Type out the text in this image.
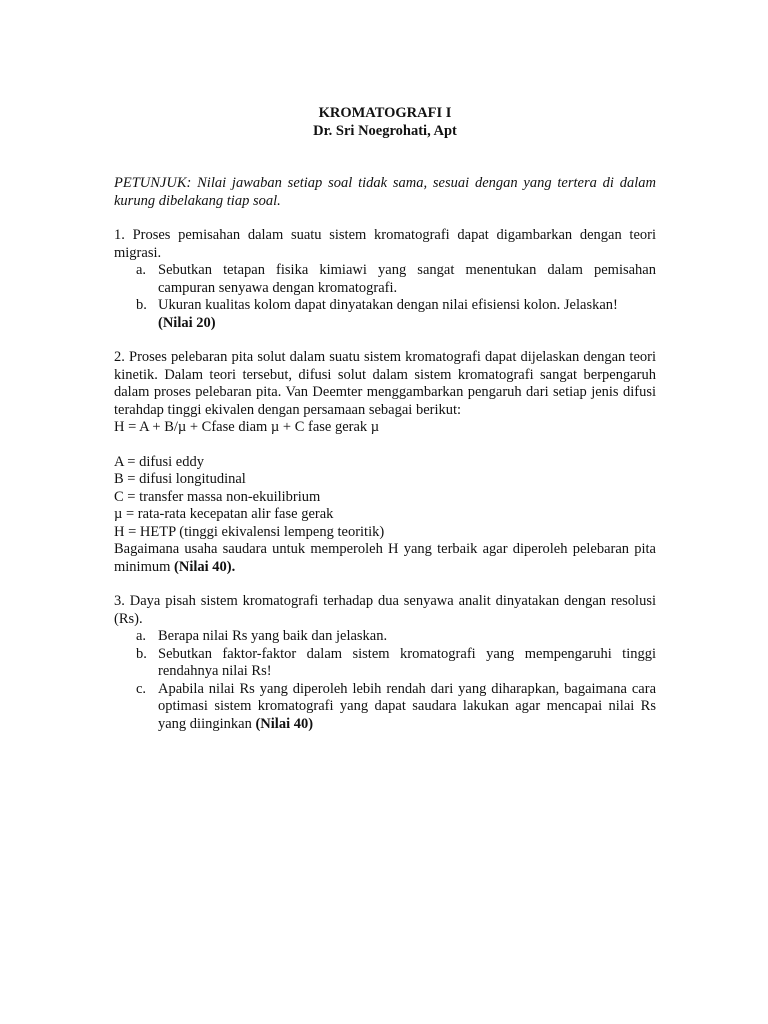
KROMATOGRAFI I
Dr. Sri Noegrohati, Apt
PETUNJUK: Nilai jawaban setiap soal tidak sama, sesuai dengan yang tertera di dalam kurung dibelakang tiap soal.

1. Proses pemisahan dalam suatu sistem kromatografi dapat digambarkan dengan teori migrasi.

a. Sebutkan tetapan fisika kimiawi yang sangat menentukan dalam pemisahan campuran senyawa dengan kromatografi.
b. Ukuran kualitas kolom dapat dinyatakan dengan nilai efisiensi kolon. Jelaskan!
(Nilai 20)

2. Proses pelebaran pita solut dalam suatu sistem kromatografi dapat dijelaskan dengan teori kinetik. Dalam teori tersebut, difusi solut dalam sistem kromatografi sangat berpengaruh dalam proses pelebaran pita. Van Deemter menggambarkan pengaruh dari setiap jenis difusi terahdap tinggi ekivalen dengan persamaan sebagai berikut:

H = A + B/µ + Cfase diam µ + C fase gerak µ

A = difusi eddy

B = difusi longitudinal

C = transfer massa non-ekuilibrium

µ = rata-rata kecepatan alir fase gerak

H = HETP (tinggi ekivalensi lempeng teoritik)

Bagaimana usaha saudara untuk memperoleh H yang terbaik agar diperoleh pelebaran pita minimum (Nilai 40).

3. Daya pisah sistem kromatografi terhadap dua senyawa analit dinyatakan dengan resolusi (Rs).

a. Berapa nilai Rs yang baik dan jelaskan.
b. Sebutkan faktor-faktor dalam sistem kromatografi yang mempengaruhi tinggi rendahnya nilai Rs!
c. Apabila nilai Rs yang diperoleh lebih rendah dari yang diharapkan, bagaimana cara optimasi sistem kromatografi yang dapat saudara lakukan agar mencapai nilai Rs yang diinginkan (Nilai 40)
